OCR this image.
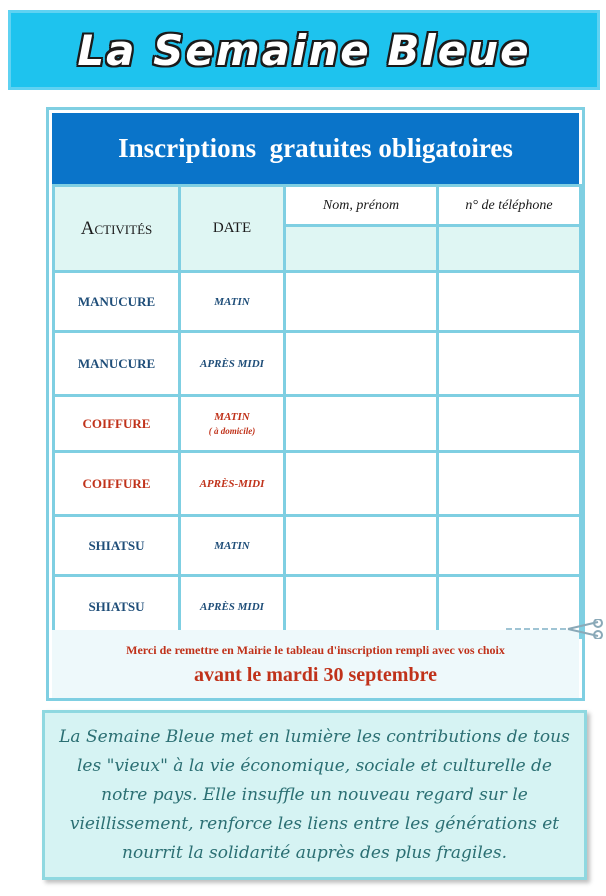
La Semaine Bleue
Inscriptions  gratuites obligatoires
Activités	DATE	Nom, prénom	n° de téléphone

MANUCURE	MATIN		
MANUCURE	APRÈS MIDI		
COIFFURE	MATIN
( à domicile)		

COIFFURE	APRÈS-MIDI		
SHIATSU	MATIN		
SHIATSU	APRÈS MIDI		
Merci de remettre en Mairie le tableau d'inscription rempli avec vos choix
avant le mardi 30 septembre

La Semaine Bleue met en lumière les contributions de tous les "vieux" à la vie économique, sociale et culturelle de notre pays. Elle insuffle un nouveau regard sur le vieillissement, renforce les liens entre les générations et nourrit la solidarité auprès des plus fragiles.
